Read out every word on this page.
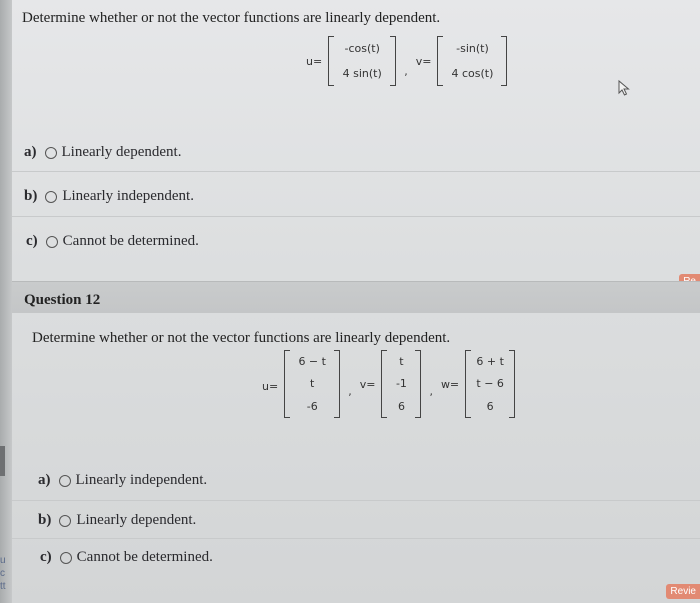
u
c
tt
Determine whether or not the vector functions are linearly dependent.
u=
-cos(t)
4 sin(t)	,
v=
-sin(t)
4 cos(t)
a) Linearly dependent.
b) Linearly independent.
c) Cannot be determined.
Question 12
Determine whether or not the vector functions are linearly dependent.
u=
6 − t
t
-6
,
v=
t
-1
6
,
w=
6 + t
t − 6
6
a) Linearly independent.
b) Linearly dependent.
c) Cannot be determined.
Revie
